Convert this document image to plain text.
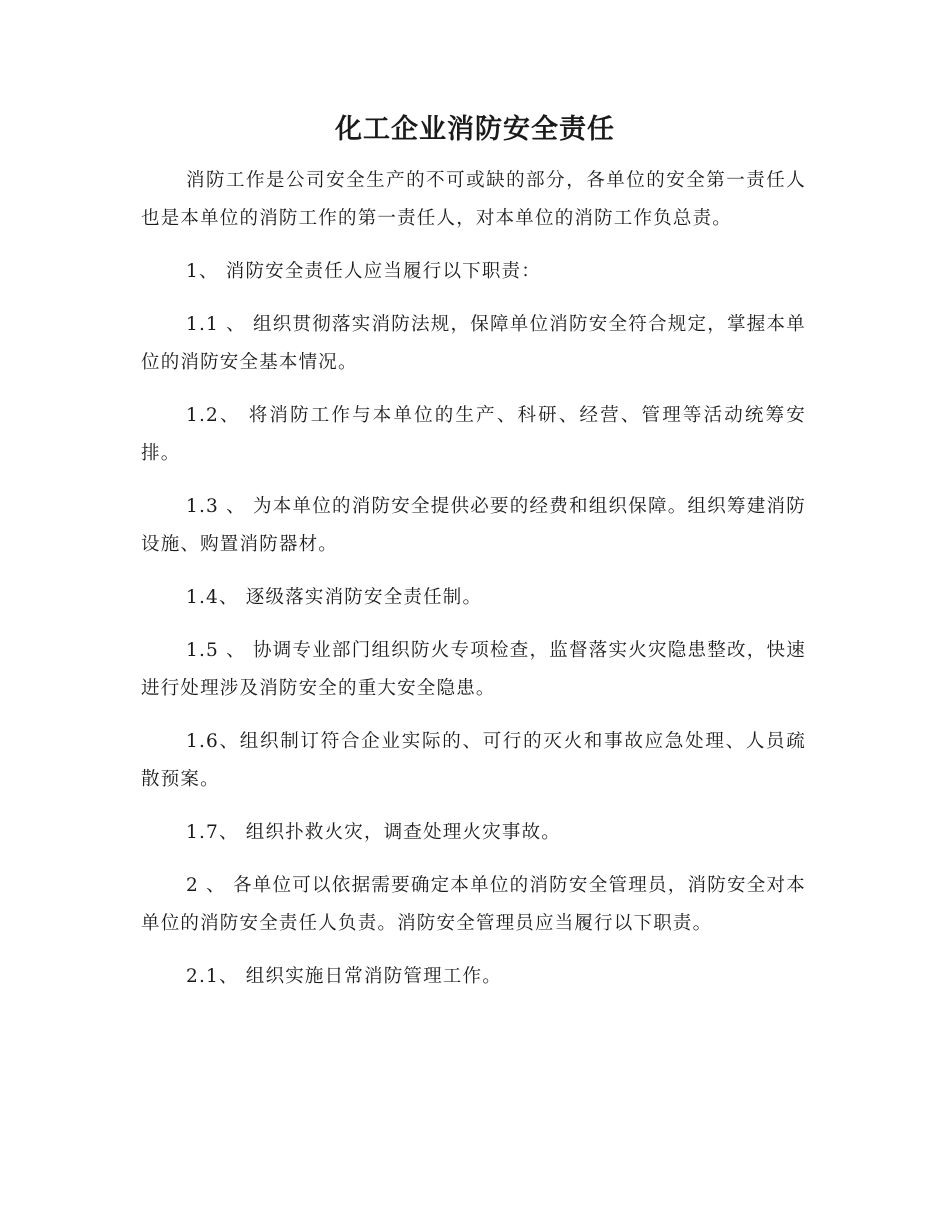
化工企业消防安全责任

消防工作是公司安全生产的不可或缺的部分，各单位的安全第一责任人也是本单位的消防工作的第一责任人，对本单位的消防工作负总责。

1、 消防安全责任人应当履行以下职责：

1.1 、 组织贯彻落实消防法规，保障单位消防安全符合规定，掌握本单位的消防安全基本情况。

1.2、 将消防工作与本单位的生产、科研、经营、管理等活动统筹安排。

1.3 、 为本单位的消防安全提供必要的经费和组织保障。组织筹建消防设施、购置消防器材。

1.4、 逐级落实消防安全责任制。

1.5 、 协调专业部门组织防火专项检查，监督落实火灾隐患整改，快速进行处理涉及消防安全的重大安全隐患。

1.6、组织制订符合企业实际的、可行的灭火和事故应急处理、人员疏散预案。

1.7、 组织扑救火灾，调查处理火灾事故。

2 、 各单位可以依据需要确定本单位的消防安全管理员，消防安全对本单位的消防安全责任人负责。消防安全管理员应当履行以下职责。

2.1、 组织实施日常消防管理工作。
